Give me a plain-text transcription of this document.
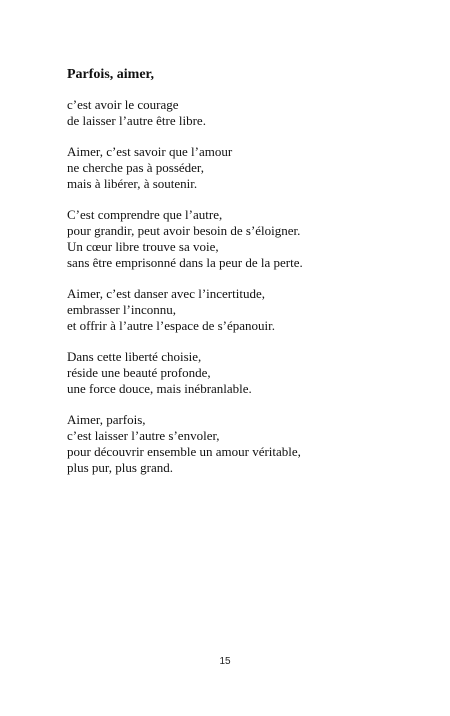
Parfois, aimer,
c’est avoir le courage
de laisser l’autre être libre.
Aimer, c’est savoir que l’amour
ne cherche pas à posséder,
mais à libérer, à soutenir.
C’est comprendre que l’autre,
pour grandir, peut avoir besoin de s’éloigner.
Un cœur libre trouve sa voie,
sans être emprisonné dans la peur de la perte.
Aimer, c’est danser avec l’incertitude,
embrasser l’inconnu,
et offrir à l’autre l’espace de s’épanouir.
Dans cette liberté choisie,
réside une beauté profonde,
une force douce, mais inébranlable.
Aimer, parfois,
c’est laisser l’autre s’envoler,
pour découvrir ensemble un amour véritable,
plus pur, plus grand.
15
